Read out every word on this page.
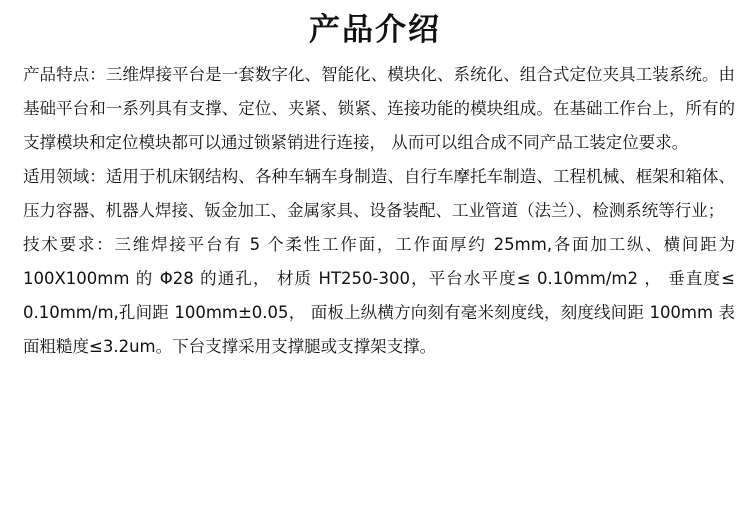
产品介绍

产品特点：三维焊接平台是一套数字化、智能化、模块化、系统化、组合式定位夹具工装系统。由基础平台和一系列具有支撑、定位、夹紧、锁紧、连接功能的模块组成。在基础工作台上，所有的支撑模块和定位模块都可以通过锁紧销进行连接， 从而可以组合成不同产品工装定位要求。

适用领域：适用于机床钢结构、各种车辆车身制造、自行车摩托车制造、工程机械、框架和箱体、压力容器、机器人焊接、钣金加工、金属家具、设备装配、工业管道（法兰）、检测系统等行业；

技术要求：三维焊接平台有 5 个柔性工作面，工作面厚约 25mm,各面加工纵、横间距为 100X100mm 的 Φ28 的通孔， 材质 HT250-300，平台水平度≤ 0.10mm/m2 ， 垂直度≤ 0.10mm/m,孔间距 100mm±0.05， 面板上纵横方向刻有毫米刻度线，刻度线间距 100mm 表面粗糙度≤3.2um。下台支撑采用支撑腿或支撑架支撑。
